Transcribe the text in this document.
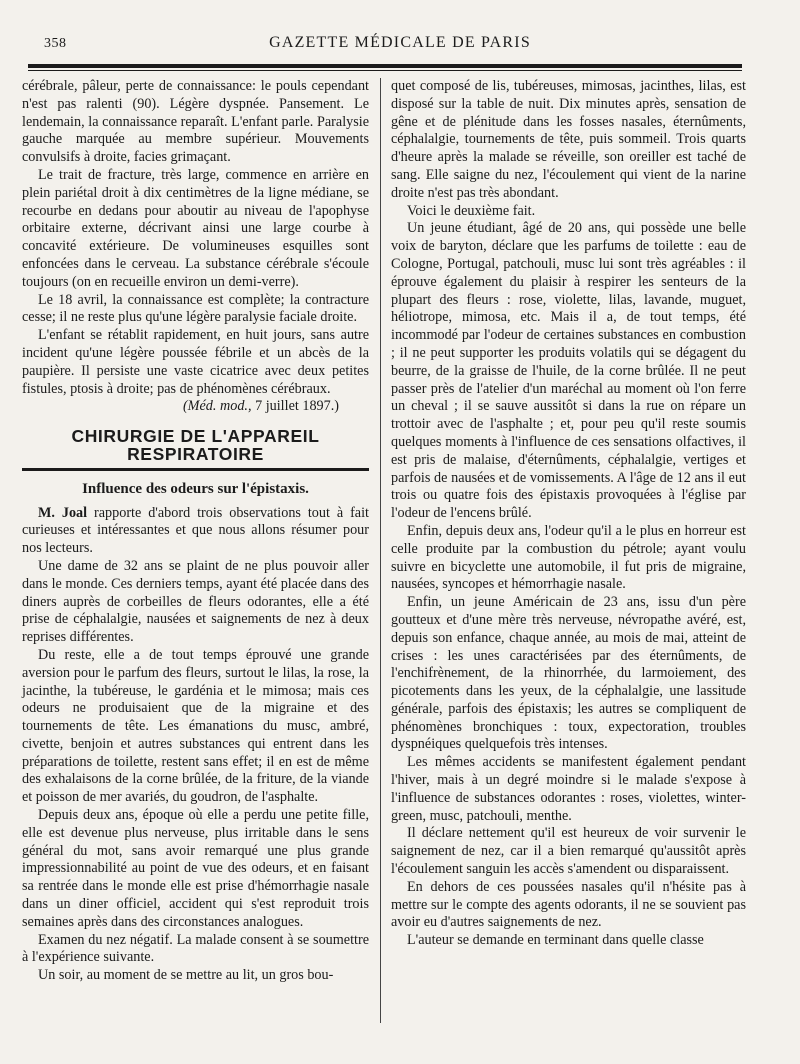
358	GAZETTE MÉDICALE DE PARIS

cérébrale, pâleur, perte de connaissance: le pouls cependant n'est pas ralenti (90). Légère dyspnée. Pansement. Le lendemain, la connaissance reparaît. L'enfant parle. Paralysie gauche marquée au membre supérieur. Mouvements convulsifs à droite, facies grimaçant.

Le trait de fracture, très large, commence en arrière en plein pariétal droit à dix centimètres de la ligne médiane, se recourbe en dedans pour aboutir au niveau de l'apophyse orbitaire externe, décrivant ainsi une large courbe à concavité extérieure. De volumineuses esquilles sont enfoncées dans le cerveau. La substance cérébrale s'écoule toujours (on en recueille environ un demi-verre).

Le 18 avril, la connaissance est complète; la contracture cesse; il ne reste plus qu'une légère paralysie faciale droite.

L'enfant se rétablit rapidement, en huit jours, sans autre incident qu'une légère poussée fébrile et un abcès de la paupière. Il persiste une vaste cicatrice avec deux petites fistules, ptosis à droite; pas de phénomènes cérébraux.

(Méd. mod., 7 juillet 1897.)

CHIRURGIE DE L'APPAREIL RESPIRATOIRE
Influence des odeurs sur l'épistaxis.

M. Joal rapporte d'abord trois observations tout à fait curieuses et intéressantes et que nous allons résumer pour nos lecteurs.

Une dame de 32 ans se plaint de ne plus pouvoir aller dans le monde. Ces derniers temps, ayant été placée dans des diners auprès de corbeilles de fleurs odorantes, elle a été prise de céphalalgie, nausées et saignements de nez à deux reprises différentes.

Du reste, elle a de tout temps éprouvé une grande aversion pour le parfum des fleurs, surtout le lilas, la rose, la jacinthe, la tubéreuse, le gardénia et le mimosa; mais ces odeurs ne produisaient que de la migraine et des tournements de tête. Les émanations du musc, ambré, civette, benjoin et autres substances qui entrent dans les préparations de toilette, restent sans effet; il en est de même des exhalaisons de la corne brûlée, de la friture, de la viande et poisson de mer avariés, du goudron, de l'asphalte.

Depuis deux ans, époque où elle a perdu une petite fille, elle est devenue plus nerveuse, plus irritable dans le sens général du mot, sans avoir remarqué une plus grande impressionnabilité au point de vue des odeurs, et en faisant sa rentrée dans le monde elle est prise d'hémorrhagie nasale dans un diner officiel, accident qui s'est reproduit trois semaines après dans des circonstances analogues.

Examen du nez négatif. La malade consent à se soumettre à l'expérience suivante.

Un soir, au moment de se mettre au lit, un gros bou-

quet composé de lis, tubéreuses, mimosas, jacinthes, lilas, est disposé sur la table de nuit. Dix minutes après, sensation de gêne et de plénitude dans les fosses nasales, éternûments, céphalalgie, tournements de tête, puis sommeil. Trois quarts d'heure après la malade se réveille, son oreiller est taché de sang. Elle saigne du nez, l'écoulement qui vient de la narine droite n'est pas très abondant.

Voici le deuxième fait.

Un jeune étudiant, âgé de 20 ans, qui possède une belle voix de baryton, déclare que les parfums de toilette : eau de Cologne, Portugal, patchouli, musc lui sont très agréables : il éprouve également du plaisir à respirer les senteurs de la plupart des fleurs : rose, violette, lilas, lavande, muguet, héliotrope, mimosa, etc. Mais il a, de tout temps, été incommodé par l'odeur de certaines substances en combustion ; il ne peut supporter les produits volatils qui se dégagent du beurre, de la graisse de l'huile, de la corne brûlée. Il ne peut passer près de l'atelier d'un maréchal au moment où l'on ferre un cheval ; il se sauve aussitôt si dans la rue on répare un trottoir avec de l'asphalte ; et, pour peu qu'il reste soumis quelques moments à l'influence de ces sensations olfactives, il est pris de malaise, d'éternûments, céphalalgie, vertiges et parfois de nausées et de vomissements. A l'âge de 12 ans il eut trois ou quatre fois des épistaxis provoquées à l'église par l'odeur de l'encens brûlé.

Enfin, depuis deux ans, l'odeur qu'il a le plus en horreur est celle produite par la combustion du pétrole; ayant voulu suivre en bicyclette une automobile, il fut pris de migraine, nausées, syncopes et hémorrhagie nasale.

Enfin, un jeune Américain de 23 ans, issu d'un père goutteux et d'une mère très nerveuse, névropathe avéré, est, depuis son enfance, chaque année, au mois de mai, atteint de crises : les unes caractérisées par des éternûments, de l'enchifrènement, de la rhinorrhée, du larmoiement, des picotements dans les yeux, de la céphalalgie, une lassitude générale, parfois des épistaxis; les autres se compliquent de phénomènes bronchiques : toux, expectoration, troubles dyspnéiques quelquefois très intenses.

Les mêmes accidents se manifestent également pendant l'hiver, mais à un degré moindre si le malade s'expose à l'influence de substances odorantes : roses, violettes, winter-green, musc, patchouli, menthe.

Il déclare nettement qu'il est heureux de voir survenir le saignement de nez, car il a bien remarqué qu'aussitôt après l'écoulement sanguin les accès s'amendent ou disparaissent.

En dehors de ces poussées nasales qu'il n'hésite pas à mettre sur le compte des agents odorants, il ne se souvient pas avoir eu d'autres saignements de nez.

L'auteur se demande en terminant dans quelle classe
